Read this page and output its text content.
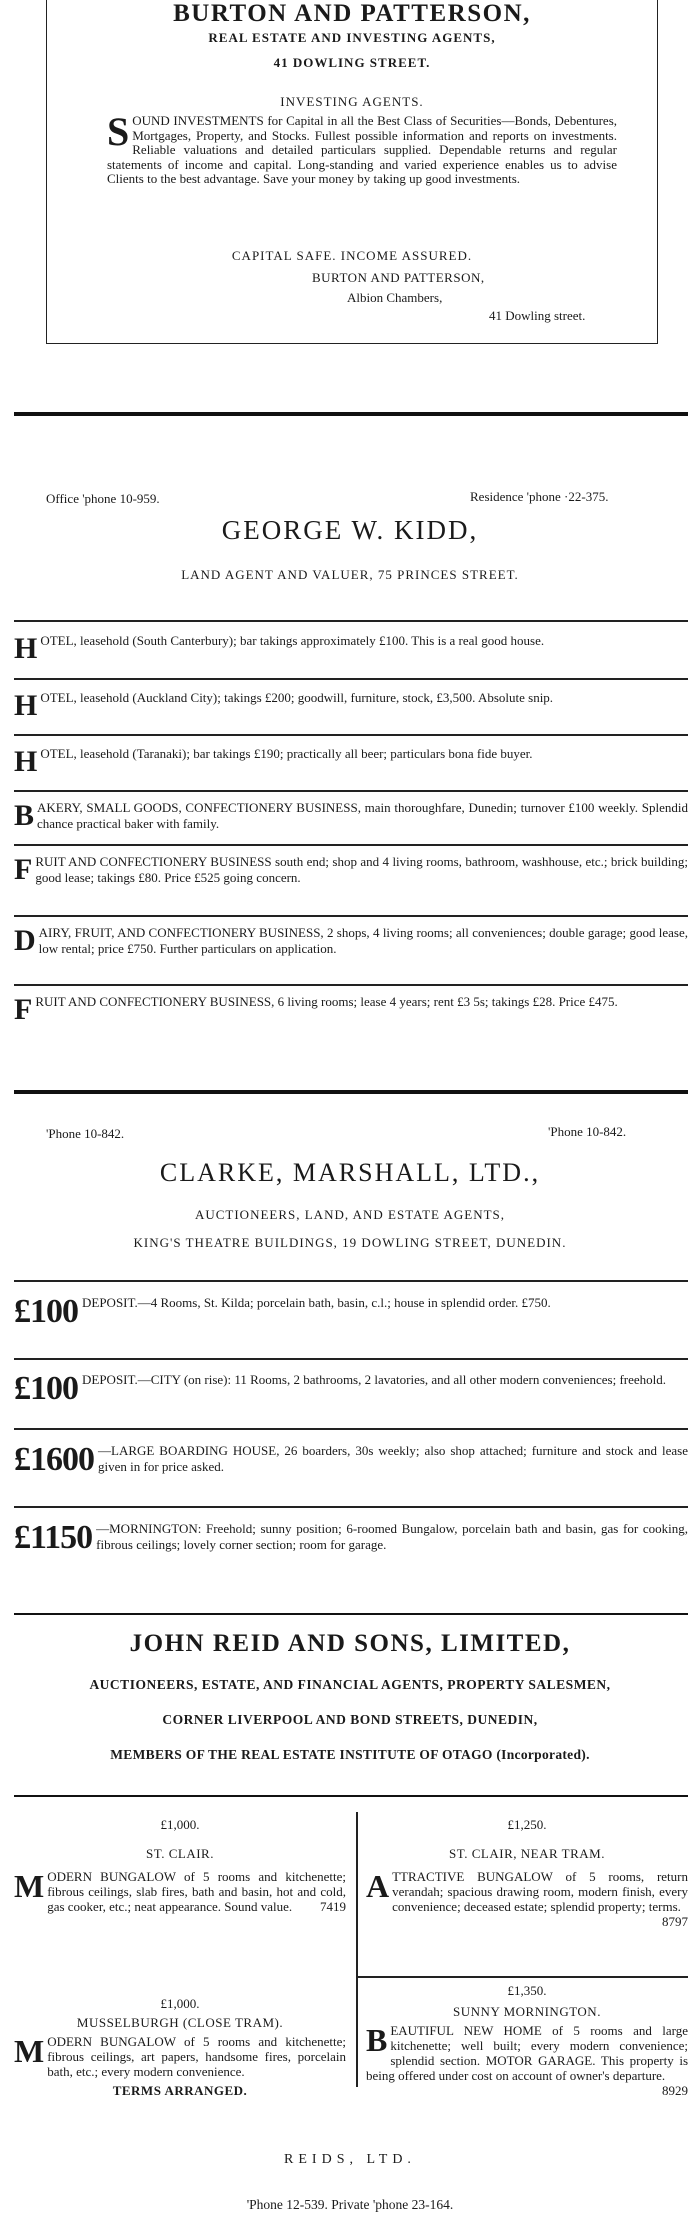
BURTON AND PATTERSON,
REAL ESTATE AND INVESTING AGENTS,
41 DOWLING STREET.
INVESTING AGENTS.
S OUND INVESTMENTS for Capital in all the Best Class of Securities—Bonds, Debentures, Mortgages, Property, and Stocks. Fullest possible information and reports on investments. Reliable valuations and detailed particulars supplied. Dependable returns and regular statements of income and capital. Long-standing and varied experience enables us to advise Clients to the best advantage. Save your money by taking up good investments.
CAPITAL SAFE. INCOME ASSURED.
BURTON AND PATTERSON,
Albion Chambers,
41 Dowling street.
Office 'phone 10-959.	Residence 'phone ·22-375.
GEORGE W. KIDD,
LAND AGENT AND VALUER, 75 PRINCES STREET.
HOTEL, leasehold (South Canterbury); bar takings approximately £100. This is a real good house.
HOTEL, leasehold (Auckland City); takings £200; goodwill, furniture, stock, £3,500. Absolute snip.
HOTEL, leasehold (Taranaki); bar takings £190; practically all beer; particulars bona fide buyer.
BAKERY, SMALL GOODS, CONFECTIONERY BUSINESS, main thoroughfare, Dunedin; turnover £100 weekly. Splendid chance practical baker with family.
FRUIT AND CONFECTIONERY BUSINESS south end; shop and 4 living rooms, bathroom, washhouse, etc.; brick building; good lease; takings £80. Price £525 going concern.
DAIRY, FRUIT, AND CONFECTIONERY BUSINESS, 2 shops, 4 living rooms; all conveniences; double garage; good lease, low rental; price £750. Further particulars on application.
FRUIT AND CONFECTIONERY BUSINESS, 6 living rooms; lease 4 years; rent £3 5s; takings £28. Price £475.
'Phone 10-842.	'Phone 10-842.
CLARKE, MARSHALL, LTD.,
AUCTIONEERS, LAND, AND ESTATE AGENTS,
KING'S THEATRE BUILDINGS, 19 DOWLING STREET, DUNEDIN.
£100 DEPOSIT.—4 Rooms, St. Kilda; porcelain bath, basin, c.l.; house in splendid order. £750.
£100 DEPOSIT.—CITY (on rise): 11 Rooms, 2 bathrooms, 2 lavatories, and all other modern conveniences; freehold.
£1600 —LARGE BOARDING HOUSE, 26 boarders, 30s weekly; also shop attached; furniture and stock and lease given in for price asked.
£1150 —MORNINGTON: Freehold; sunny position; 6-roomed Bungalow, porcelain bath and basin, gas for cooking, fibrous ceilings; lovely corner section; room for garage.
JOHN REID AND SONS, LIMITED,
AUCTIONEERS, ESTATE, AND FINANCIAL AGENTS, PROPERTY SALESMEN,
CORNER LIVERPOOL AND BOND STREETS, DUNEDIN,
MEMBERS OF THE REAL ESTATE INSTITUTE OF OTAGO (Incorporated).
£1,000.
ST. CLAIR.
MODERN BUNGALOW of 5 rooms and kitchenette; fibrous ceilings, slab fires, bath and basin, hot and cold, gas cooker, etc.; neat appearance. Sound value. 7419
£1,250.
ST. CLAIR, NEAR TRAM.
ATTRACTIVE BUNGALOW of 5 rooms, return verandah; spacious drawing room, modern finish, every convenience; deceased estate; splendid property; terms.
8797
£1,000.
MUSSELBURGH (CLOSE TRAM).
MODERN BUNGALOW of 5 rooms and kitchenette; fibrous ceilings, art papers, handsome fires, porcelain bath, etc.; every modern convenience.
TERMS ARRANGED.
£1,350.
SUNNY MORNINGTON.
BEAUTIFUL NEW HOME of 5 rooms and large kitchenette; well built; every modern convenience; splendid section. MOTOR GARAGE. This property is being offered under cost on account of owner's departure.
8929
REIDS, LTD.
'Phone 12-539. Private 'phone 23-164.
